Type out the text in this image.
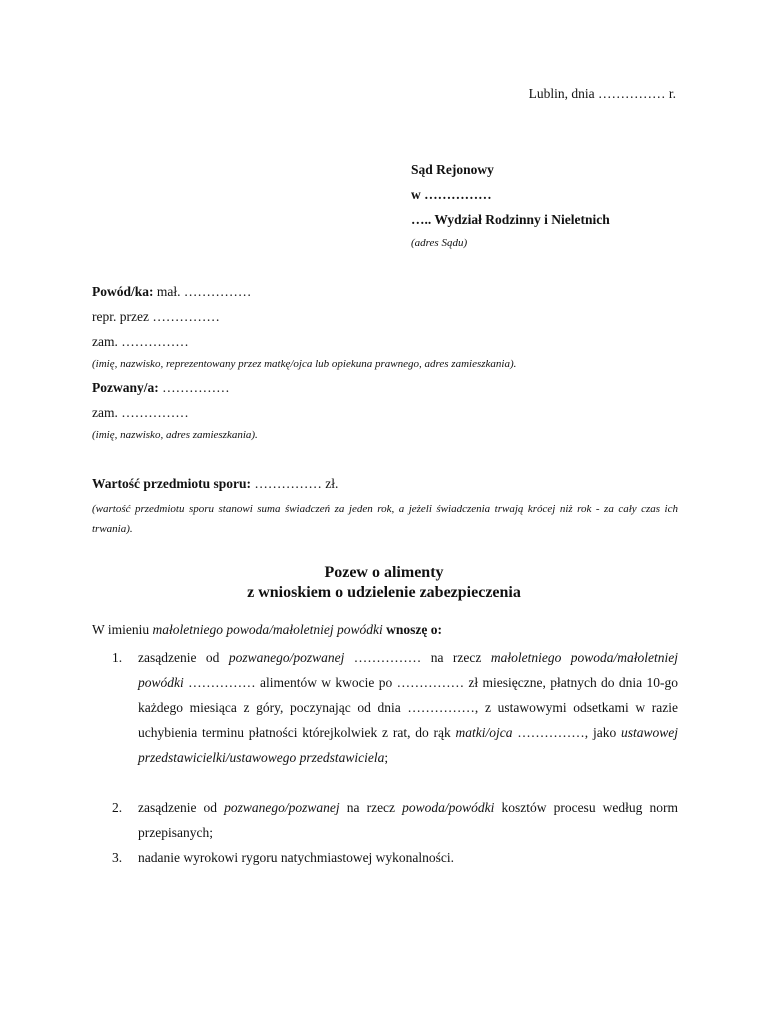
Lublin, dnia …………… r.
Sąd Rejonowy
w ……………
….. Wydział Rodzinny i Nieletnich
(adres Sądu)
Powód/ka: mał. ……………
repr. przez ……………
zam. ……………
(imię, nazwisko, reprezentowany przez matkę/ojca lub opiekuna prawnego, adres zamieszkania).
Pozwany/a: ……………
zam. ……………
(imię, nazwisko, adres zamieszkania).
Wartość przedmiotu sporu: …………… zł.
(wartość przedmiotu sporu stanowi suma świadczeń za jeden rok, a jeżeli świadczenia trwają krócej niż rok - za cały czas ich trwania).
Pozew o alimenty
z wnioskiem o udzielenie zabezpieczenia
W imieniu małoletniego powoda/małoletniej powódki wnoszę o:
1. zasądzenie od pozwanego/pozwanej …………… na rzecz małoletniego powoda/małoletniej powódki …………… alimentów w kwocie po …………… zł miesięczne, płatnych do dnia 10-go każdego miesiąca z góry, poczynając od dnia ……………, z ustawowymi odsetkami w razie uchybienia terminu płatności którejkolwiek z rat, do rąk matki/ojca ……………, jako ustawowej przedstawicielki/ustawowego przedstawiciela;
2. zasądzenie od pozwanego/pozwanej na rzecz powoda/powódki kosztów procesu według norm przepisanych;
3. nadanie wyrokowi rygoru natychmiastowej wykonalności.
